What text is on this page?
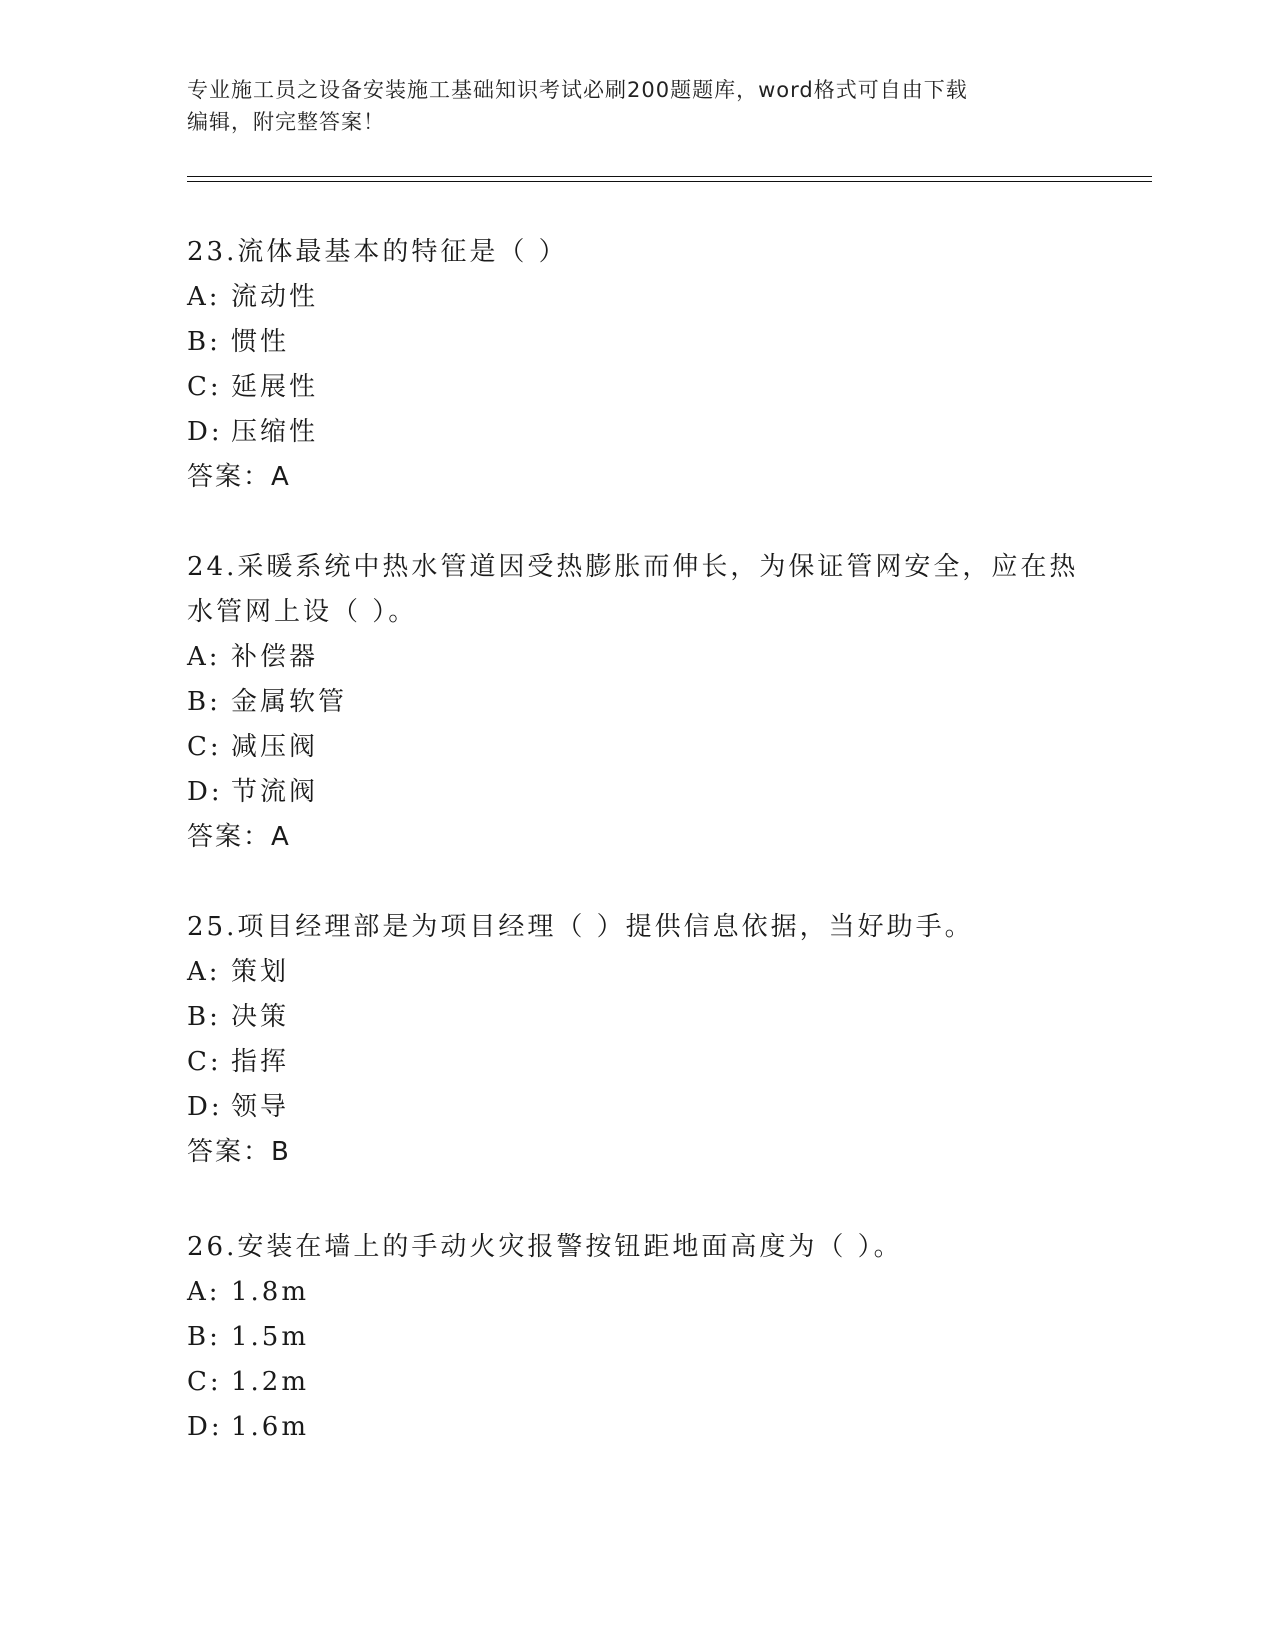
专业施工员之设备安装施工基础知识考试必刷200题题库，word格式可自由下载
编辑，附完整答案！

23.流体最基本的特征是（ ）

A: 流动性

B: 惯性

C: 延展性

D: 压缩性

答案：A

24.采暖系统中热水管道因受热膨胀而伸长，为保证管网安全，应在热水管网上设（ ）。

A: 补偿器

B: 金属软管

C: 减压阀

D: 节流阀

答案：A

25.项目经理部是为项目经理（ ）提供信息依据，当好助手。

A: 策划

B: 决策

C: 指挥

D: 领导

答案：B

26.安装在墙上的手动火灾报警按钮距地面高度为（ ）。

A: 1.8m

B: 1.5m

C: 1.2m

D: 1.6m
